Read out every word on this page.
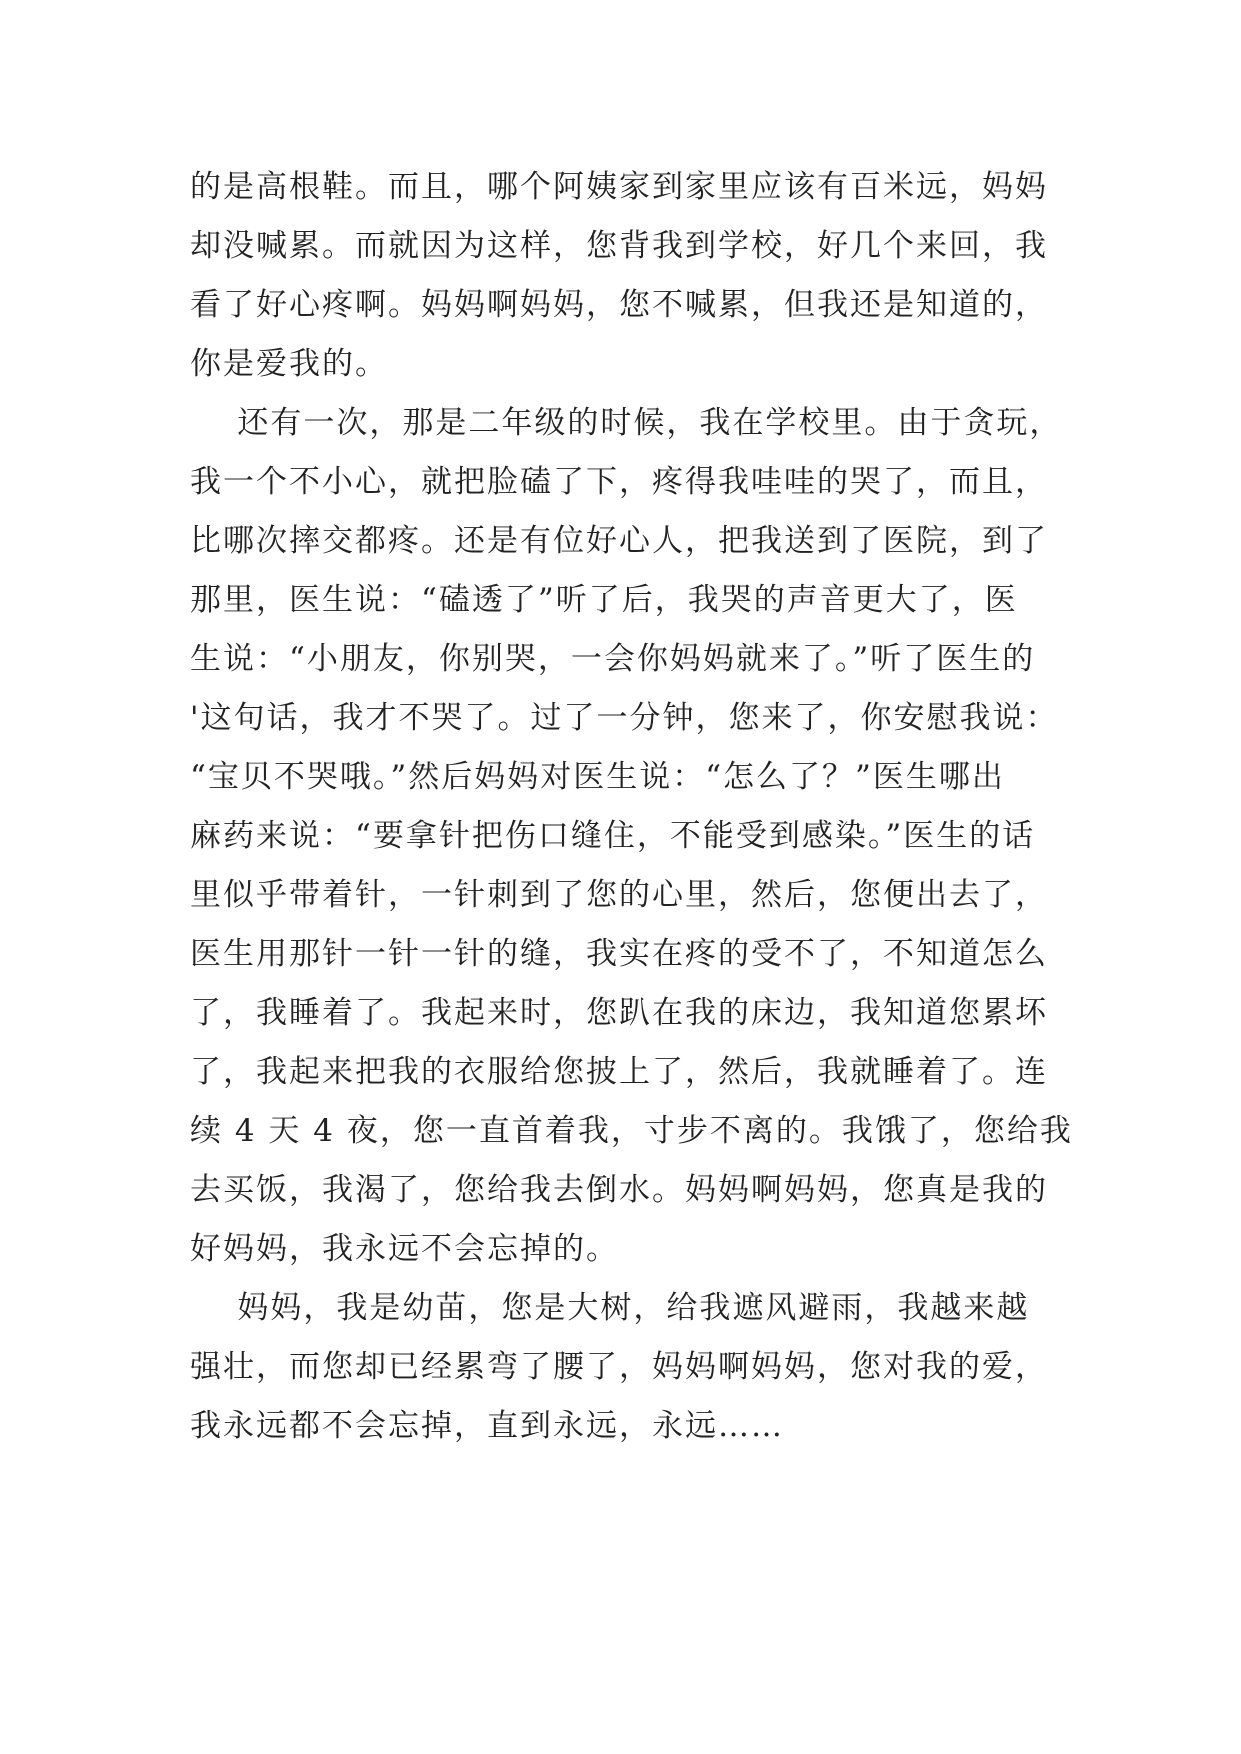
的是高根鞋。而且，哪个阿姨家到家里应该有百米远，妈妈
却没喊累。而就因为这样，您背我到学校，好几个来回，我
看了好心疼啊。妈妈啊妈妈，您不喊累，但我还是知道的，
你是爱我的。
还有一次，那是二年级的时候，我在学校里。由于贪玩，
我一个不小心，就把脸磕了下，疼得我哇哇的哭了，而且，
比哪次摔交都疼。还是有位好心人，把我送到了医院，到了
那里，医生说：“磕透了”听了后，我哭的声音更大了，医
生说：“小朋友，你别哭，一会你妈妈就来了。”听了医生的
'这句话，我才不哭了。过了一分钟，您来了，你安慰我说：
“宝贝不哭哦。”然后妈妈对医生说：“怎么了？”医生哪出
麻药来说：“要拿针把伤口缝住，不能受到感染。”医生的话
里似乎带着针，一针刺到了您的心里，然后，您便出去了，
医生用那针一针一针的缝，我实在疼的受不了，不知道怎么
了，我睡着了。我起来时，您趴在我的床边，我知道您累坏
了，我起来把我的衣服给您披上了，然后，我就睡着了。连
续 4 天 4 夜，您一直首着我，寸步不离的。我饿了，您给我
去买饭，我渴了，您给我去倒水。妈妈啊妈妈，您真是我的
好妈妈，我永远不会忘掉的。
妈妈，我是幼苗，您是大树，给我遮风避雨，我越来越
强壮，而您却已经累弯了腰了，妈妈啊妈妈，您对我的爱，
我永远都不会忘掉，直到永远，永远……
